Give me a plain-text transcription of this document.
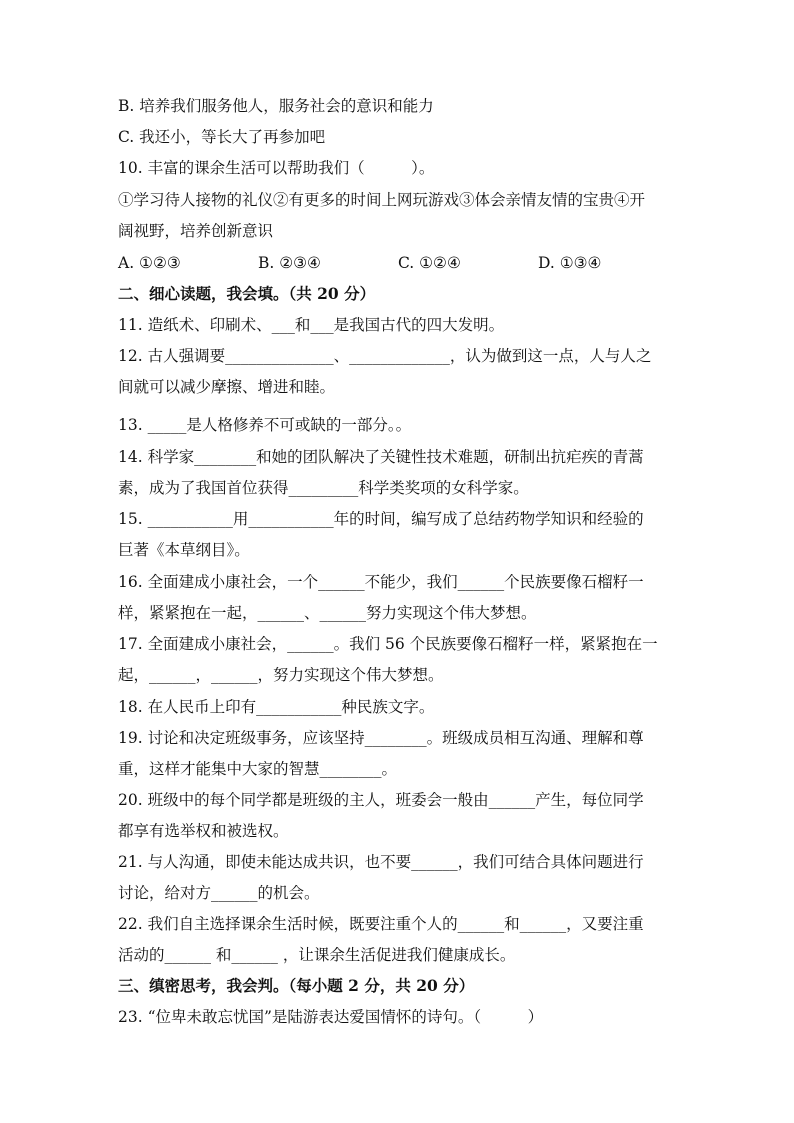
B. 培养我们服务他人，服务社会的意识和能力
C. 我还小，等长大了再参加吧
10. 丰富的课余生活可以帮助我们（　　　）。
①学习待人接物的礼仪②有更多的时间上网玩游戏③体会亲情友情的宝贵④开
阔视野，培养创新意识
A. ①②③	B. ②③④	C. ①②④	D. ①③④
二、细心读题，我会填。（共 20 分）
11. 造纸术、印刷术、___和___是我国古代的四大发明。
12. 古人强调要______________、_____________，认为做到这一点，人与人之
间就可以减少摩擦、增进和睦。
13. _____是人格修养不可或缺的一部分。。
14. 科学家________和她的团队解决了关键性技术难题，研制出抗疟疾的青蒿
素，成为了我国首位获得_________科学类奖项的女科学家。
15. ___________用___________年的时间，编写成了总结药物学知识和经验的
巨著《本草纲目》。
16. 全面建成小康社会，一个______不能少，我们______个民族要像石榴籽一
样，紧紧抱在一起，______、______努力实现这个伟大梦想。
17. 全面建成小康社会，______。我们 56 个民族要像石榴籽一样，紧紧抱在一
起，______，______，努力实现这个伟大梦想。
18. 在人民币上印有___________种民族文字。
19. 讨论和决定班级事务，应该坚持________。班级成员相互沟通、理解和尊
重，这样才能集中大家的智慧________。
20. 班级中的每个同学都是班级的主人，班委会一般由______产生，每位同学
都享有选举权和被选权。
21. 与人沟通，即使未能达成共识，也不要______，我们可结合具体问题进行
讨论，给对方______的机会。
22. 我们自主选择课余生活时候，既要注重个人的______和______，又要注重
活动的______ 和______ ，让课余生活促进我们健康成长。
三、缜密思考，我会判。（每小题 2 分，共 20 分）
23. “位卑未敢忘忧国”是陆游表达爱国情怀的诗句。（　　　）
